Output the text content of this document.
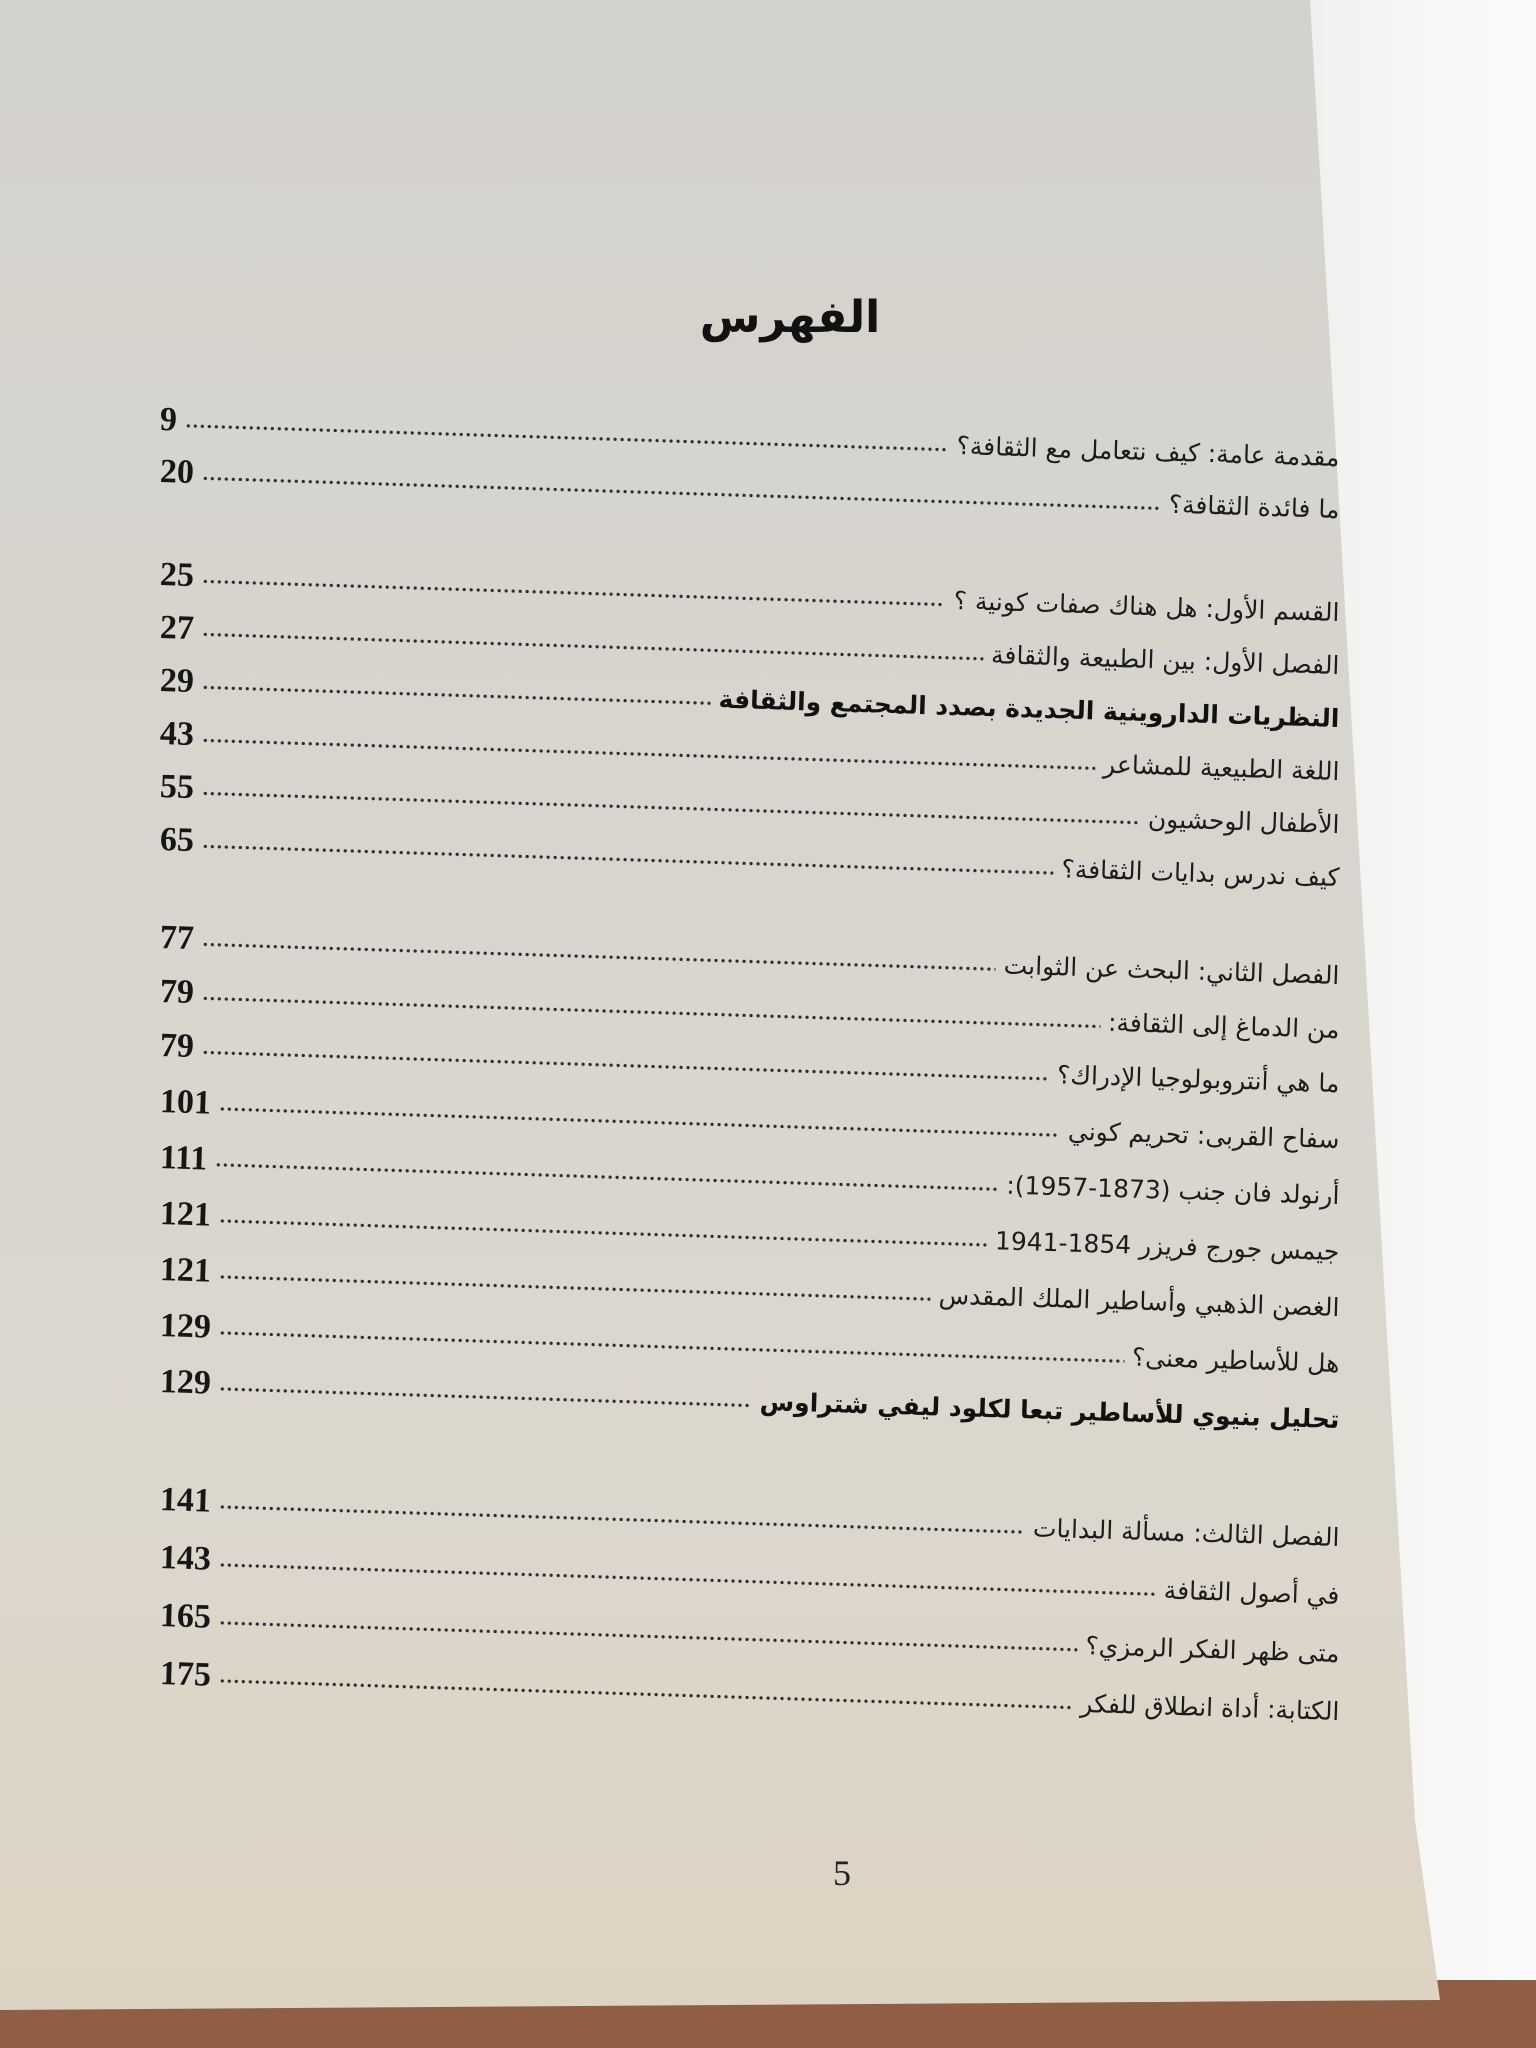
الفهرس
9
مقدمة عامة: كيف نتعامل مع الثقافة؟
20
ما فائدة الثقافة؟
25
القسم الأول: هل هناك صفات كونية ؟
27
الفصل الأول: بين الطبيعة والثقافة
29
النظريات الداروينية الجديدة بصدد المجتمع والثقافة
43
اللغة الطبيعية للمشاعر
55
الأطفال الوحشيون
65
كيف ندرس بدايات الثقافة؟
77
الفصل الثاني: البحث عن الثوابت
79
من الدماغ إلى الثقافة:
79
ما هي أنتروبولوجيا الإدراك؟
101
سفاح القربى: تحريم كوني
111
أرنولد فان جنب (1873-1957):
121
جيمس جورج فريزر 1854-1941
121
الغصن الذهبي وأساطير الملك المقدس
129
هل للأساطير معنى؟
129
تحليل بنيوي للأساطير تبعا لكلود ليفي شتراوس
141
الفصل الثالث: مسألة البدايات
143
في أصول الثقافة
165
متى ظهر الفكر الرمزي؟
175
الكتابة: أداة انطلاق للفكر
5
